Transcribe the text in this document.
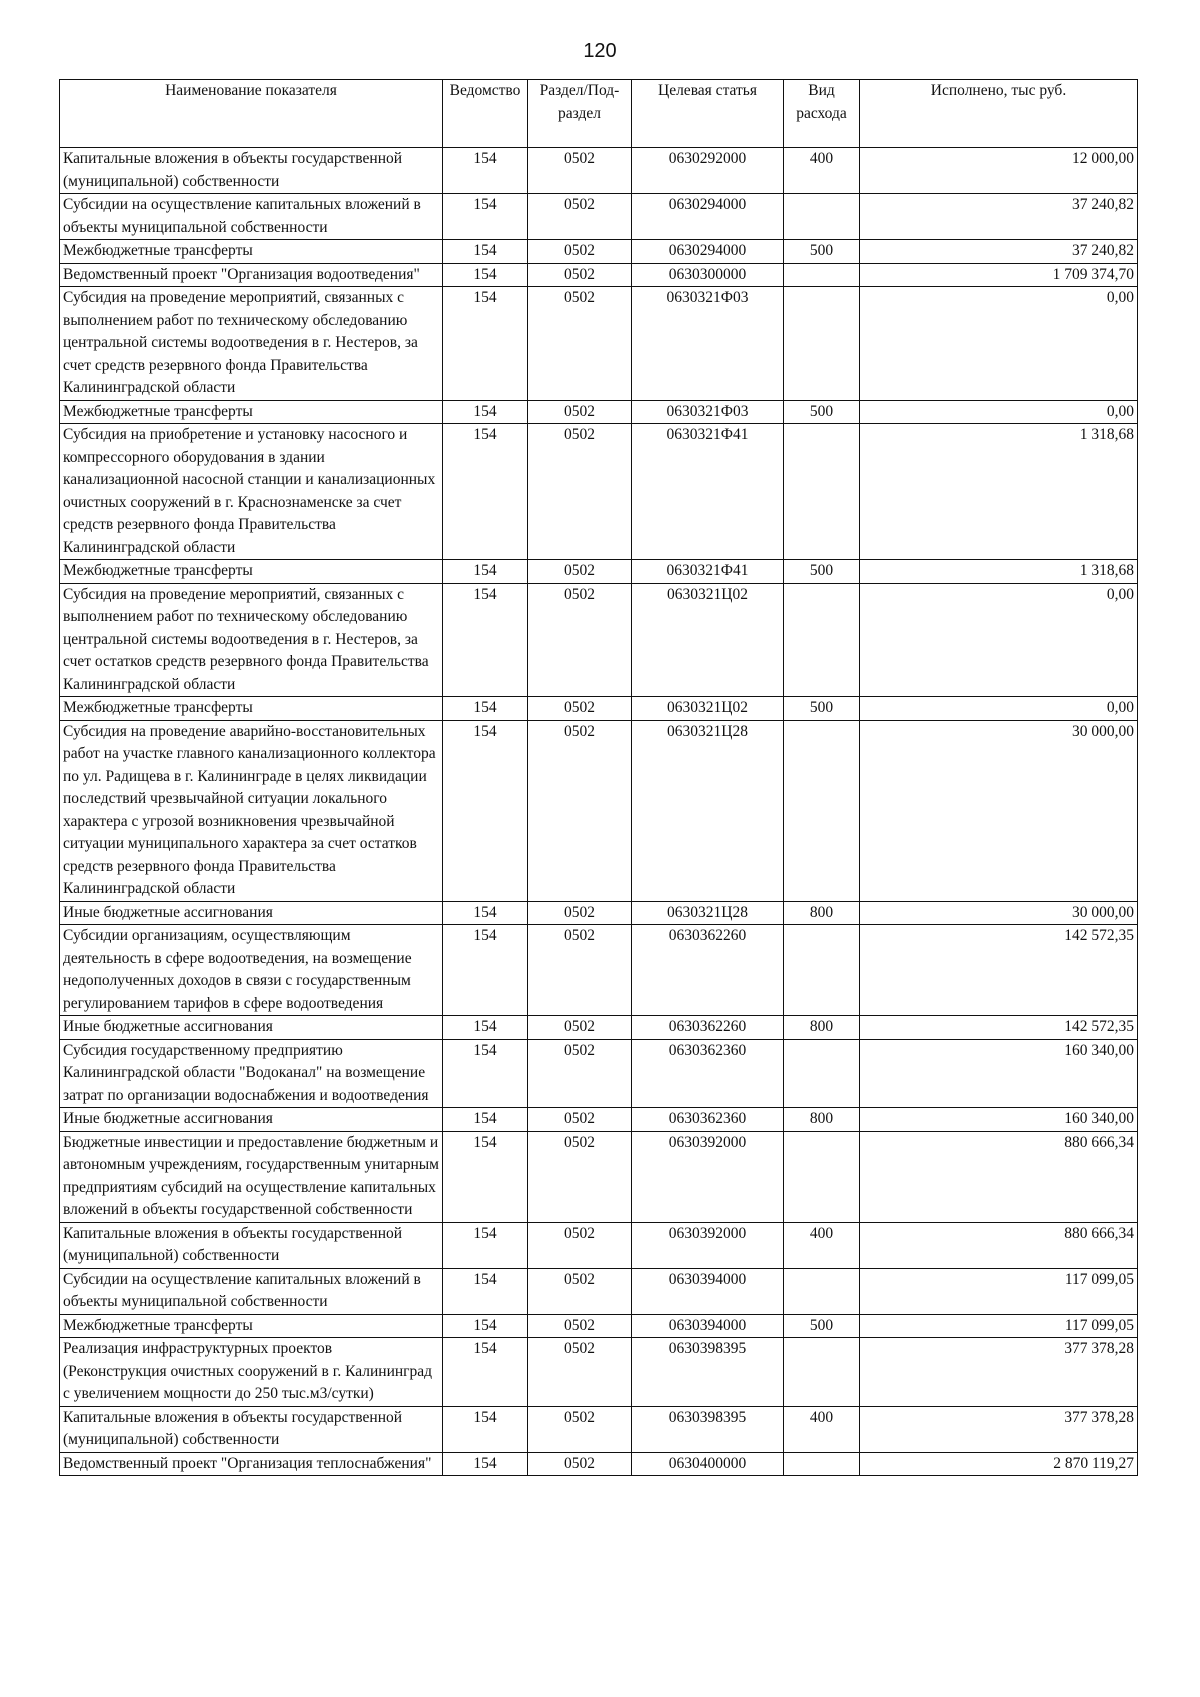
120
Наименование показателя	Ведомство	Раздел/Под-раздел	Целевая статья	Вид расхода	Исполнено, тыс руб.
Капитальные вложения в объекты государственной (муниципальной) собственности	154	0502	0630292000	400	12 000,00
Субсидии на осуществление капитальных вложений в объекты муниципальной собственности	154	0502	0630294000		37 240,82
Межбюджетные трансферты	154	0502	0630294000	500	37 240,82
Ведомственный проект "Организация водоотведения"	154	0502	0630300000		1 709 374,70
Субсидия на проведение мероприятий, связанных с выполнением работ по техническому обследованию центральной системы водоотведения в г. Нестеров, за счет средств резервного фонда Правительства Калининградской области	154	0502	063032​1Ф03		0,00
Межбюджетные трансферты	154	0502	0630321Ф03	500	0,00
Субсидия на приобретение и установку насосного и компрессорного оборудования в здании канализационной насосной станции и канализационных очистных сооружений в г. Краснознаменске за счет средств резервного фонда Правительства Калининградской области	154	0502	0630321Ф41		1 318,68
Межбюджетные трансферты	154	0502	0630321Ф41	500	1 318,68
Субсидия на проведение мероприятий, связанных с выполнением работ по техническому обследованию центральной системы водоотведения в г. Нестеров, за счет остатков средств резервного фонда Правительства Калининградской области	154	0502	0630321Ц02		0,00
Межбюджетные трансферты	154	0502	0630321Ц02	500	0,00
Субсидия на проведение аварийно-восстановительных работ на участке главного канализационного коллектора по ул. Радищева в г. Калининграде в целях ликвидации последствий чрезвычайной ситуации локального характера с угрозой возникновения чрезвычайной ситуации муниципального характера за счет остатков средств резервного фонда Правительства Калининградской области	154	0502	0630321Ц28		30 000,00
Иные бюджетные ассигнования	154	0502	0630321Ц28	800	30 000,00
Субсидии организациям, осуществляющим деятельность в сфере водоотведения, на возмещение недополученных доходов в связи с государственным регулированием тарифов в сфере водоотведения	154	0502	0630362260		142 572,35
Иные бюджетные ассигнования	154	0502	0630362260	800	142 572,35
Субсидия государственному предприятию Калининградской области "Водоканал" на возмещение затрат по организации водоснабжения и водоотведения	154	0502	0630362360		160 340,00
Иные бюджетные ассигнования	154	0502	0630362360	800	160 340,00
Бюджетные инвестиции и предоставление бюджетным и автономным учреждениям, государственным унитарным предприятиям субсидий на осуществление капитальных вложений в объекты государственной собственности	154	0502	0630392000		880 666,34
Капитальные вложения в объекты государственной (муниципальной) собственности	154	0502	0630392000	400	880 666,34
Субсидии на осуществление капитальных вложений в объекты муниципальной собственности	154	0502	0630394000		117 099,05
Межбюджетные трансферты	154	0502	0630394000	500	117 099,05
Реализация инфраструктурных проектов (Реконструкция очистных сооружений в г. Калининград с увеличением мощности до 250 тыс.м3/сутки)	154	0502	0630398395		377 378,28
Капитальные вложения в объекты государственной (муниципальной) собственности	154	0502	0630398395	400	377 378,28
Ведомственный проект "Организация теплоснабжения"	154	0502	0630400000		2 870 119,27
